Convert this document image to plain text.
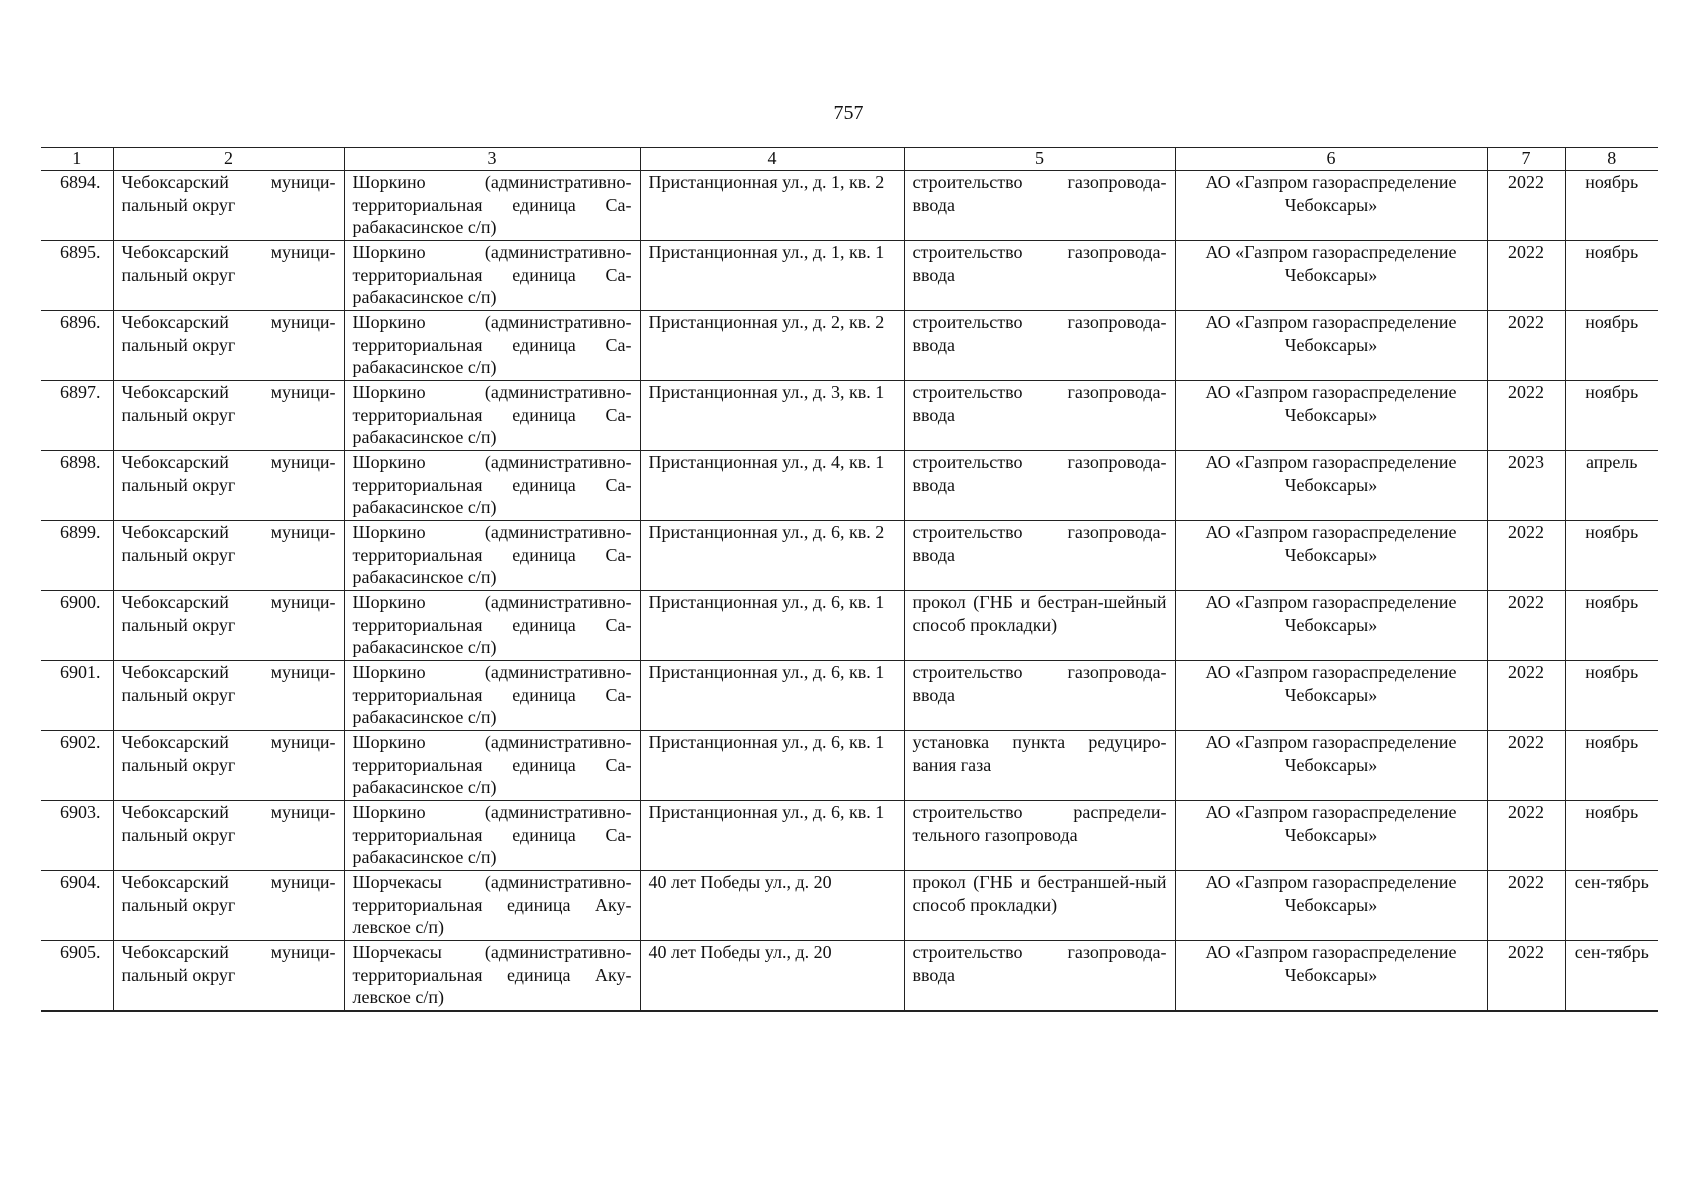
757
1	2	3	4	5	6	7	8
6894.	Чебоксарский муници-пальный округ	Шоркино (административно-территориальная единица Са-рабакасинское с/п)	Пристанционная ул., д. 1, кв. 2	строительство газопровода-ввода	АО «Газпром газораспределение Чебоксары»	2022	ноябрь
6895.	Чебоксарский муници-пальный округ	Шоркино (административно-территориальная единица Са-рабакасинское с/п)	Пристанционная ул., д. 1, кв. 1	строительство газопровода-ввода	АО «Газпром газораспределение Чебоксары»	2022	ноябрь
6896.	Чебоксарский муници-пальный округ	Шоркино (административно-территориальная единица Са-рабакасинское с/п)	Пристанционная ул., д. 2, кв. 2	строительство газопровода-ввода	АО «Газпром газораспределение Чебоксары»	2022	ноябрь
6897.	Чебоксарский муници-пальный округ	Шоркино (административно-территориальная единица Са-рабакасинское с/п)	Пристанционная ул., д. 3, кв. 1	строительство газопровода-ввода	АО «Газпром газораспределение Чебоксары»	2022	ноябрь
6898.	Чебоксарский муници-пальный округ	Шоркино (административно-территориальная единица Са-рабакасинское с/п)	Пристанционная ул., д. 4, кв. 1	строительство газопровода-ввода	АО «Газпром газораспределение Чебоксары»	2023	апрель
6899.	Чебоксарский муници-пальный округ	Шоркино (административно-территориальная единица Са-рабакасинское с/п)	Пристанционная ул., д. 6, кв. 2	строительство газопровода-ввода	АО «Газпром газораспределение Чебоксары»	2022	ноябрь
6900.	Чебоксарский муници-пальный округ	Шоркино (административно-территориальная единица Са-рабакасинское с/п)	Пристанционная ул., д. 6, кв. 1	прокол (ГНБ и бестран-шейный способ прокладки)	АО «Газпром газораспределение Чебоксары»	2022	ноябрь
6901.	Чебоксарский муници-пальный округ	Шоркино (административно-территориальная единица Са-рабакасинское с/п)	Пристанционная ул., д. 6, кв. 1	строительство газопровода-ввода	АО «Газпром газораспределение Чебоксары»	2022	ноябрь
6902.	Чебоксарский муници-пальный округ	Шоркино (административно-территориальная единица Са-рабакасинское с/п)	Пристанционная ул., д. 6, кв. 1	установка пункта редуциро-вания газа	АО «Газпром газораспределение Чебоксары»	2022	ноябрь
6903.	Чебоксарский муници-пальный округ	Шоркино (административно-территориальная единица Са-рабакасинское с/п)	Пристанционная ул., д. 6, кв. 1	строительство распредели-тельного газопровода	АО «Газпром газораспределение Чебоксары»	2022	ноябрь
6904.	Чебоксарский муници-пальный округ	Шорчекасы (административно-территориальная единица Аку-левское с/п)	40 лет Победы ул., д. 20	прокол (ГНБ и бестраншей-ный способ прокладки)	АО «Газпром газораспределение Чебоксары»	2022	сен-тябрь
6905.	Чебоксарский муници-пальный округ	Шорчекасы (административно-территориальная единица Аку-левское с/п)	40 лет Победы ул., д. 20	строительство газопровода-ввода	АО «Газпром газораспределение Чебоксары»	2022	сен-тябрь
